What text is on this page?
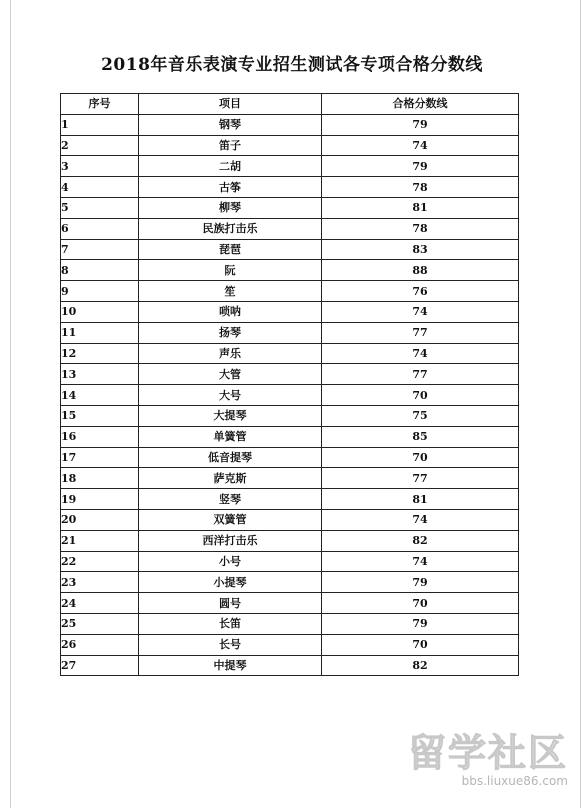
2018年音乐表演专业招生测试各专项合格分数线
序号	项目	合格分数线
1	钢琴	79
2	笛子	74
3	二胡	79
4	古筝	78
5	柳琴	81
6	民族打击乐	78
7	琵琶	83
8	阮	88
9	笙	76
10	唢呐	74
11	扬琴	77
12	声乐	74
13	大管	77
14	大号	70
15	大提琴	75
16	单簧管	85
17	低音提琴	70
18	萨克斯	77
19	竖琴	81
20	双簧管	74
21	西洋打击乐	82
22	小号	74
23	小提琴	79
24	圆号	70
25	长笛	79
26	长号	70
27	中提琴	82
留学社区
bbs.liuxue86.com
